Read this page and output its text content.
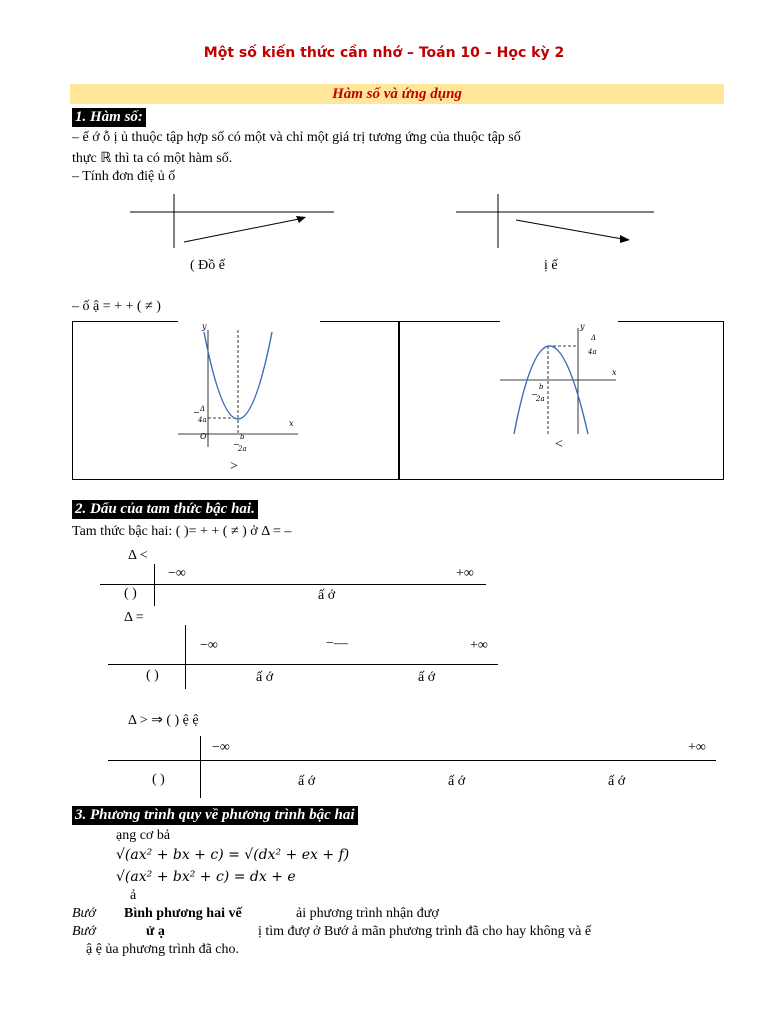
Một số kiến thức cần nhớ – Toán 10 – Học kỳ 2
Hàm số và ứng dụng
1. Hàm số:
– ế ớ ỗ ị ủ thuộc tập hợp số có một và chỉ một giá trị tương ứng của thuộc tập số
thực ℝ thì ta có một hàm số.
– Tính đơn điệ ủ ố
( Đồ ế	ị ế
– ố ậ = + + ( ≠ )
y
x
O
− Δ
4a
−
b
2a
>
y
x
Δ
4a
−
b
2a
<
2. Dấu của tam thức bậc hai.
Tam thức bậc hai: ( )= + + ( ≠ ) ở Δ = –
Δ <
−∞	+∞
( )	ấ ớ
Δ =
−∞	−—	+∞
( )	ấ ớ	ấ ớ
Δ > ⇒ ( ) ệ ệ
−∞	+∞
( )	ấ ớ	ấ ớ	ấ ớ
3. Phương trình quy về phương trình bậc hai
ạng cơ bả
√(ax² + bx + c) = √(dx² + ex + f)
√(ax² + bx² + c) = dx + e
ả
Bướ Bình phương hai vế	ải phương trình nhận đượ
Bướ	ử ạ	ị tìm đượ ở Bướ ả mãn phương trình đã cho hay không và ế
ậ ệ ủa phương trình đã cho.
